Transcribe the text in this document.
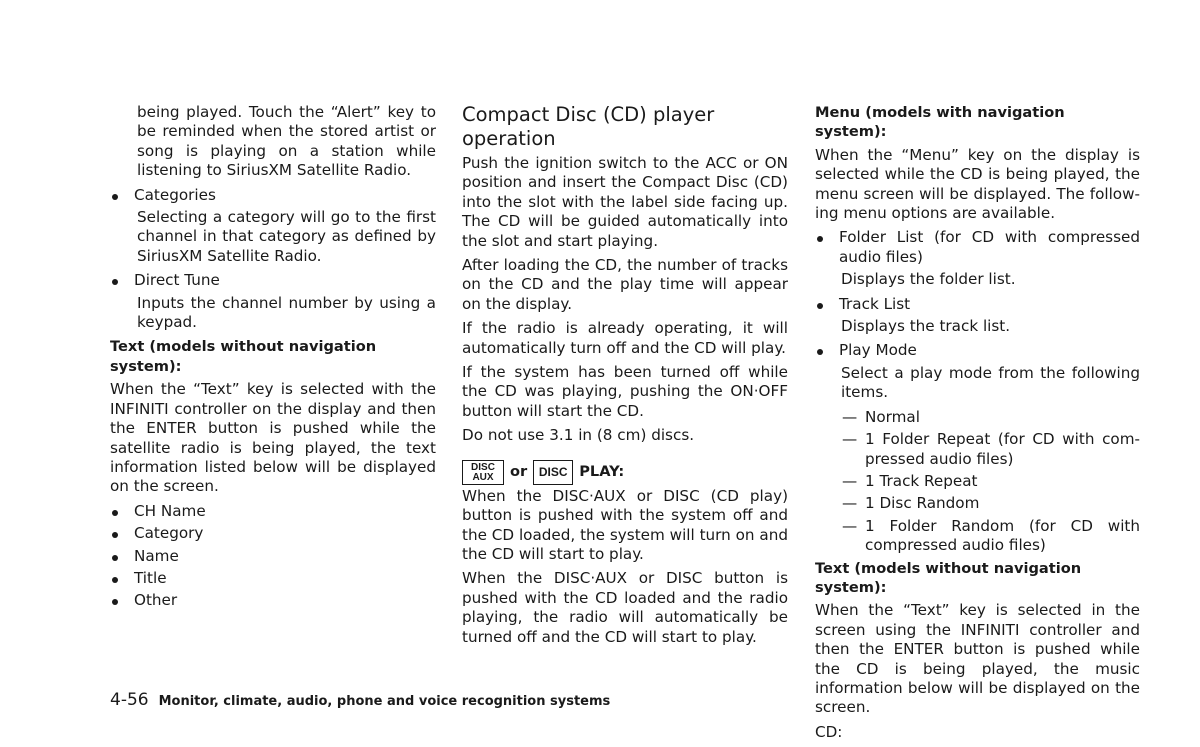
being played. Touch the “Alert” key to be reminded when the stored artist or song is playing on a station while listening to SiriusXM Satellite Radio.

Categories

Selecting a category will go to the first channel in that category as defined by SiriusXM Satellite Radio.

Direct Tune

Inputs the channel number by using a keypad.

Text (models without navigation system):

When the “Text” key is selected with the INFINITI controller on the display and then the ENTER button is pushed while the satellite radio is being played, the text information listed below will be displayed on the screen.

CH Name
Category
Name
Title
Other
Compact Disc (CD) player operation

Push the ignition switch to the ACC or ON position and insert the Compact Disc (CD) into the slot with the label side facing up. The CD will be guided automatically into the slot and start playing.

After loading the CD, the number of tracks on the CD and the play time will appear on the display.

If the radio is already operating, it will automatically turn off and the CD will play.

If the system has been turned off while the CD was playing, pushing the ON·OFF button will start the CD.

Do not use 3.1 in (8 cm) discs.

DISC
AUX	or DISC PLAY:

When the DISC·AUX or DISC (CD play) button is pushed with the system off and the CD loaded, the system will turn on and the CD will start to play.

When the DISC·AUX or DISC button is pushed with the CD loaded and the radio playing, the radio will automatically be turned off and the CD will start to play.

Menu (models with navigation system):

When the “Menu” key on the display is selected while the CD is being played, the menu screen will be displayed. The follow-ing menu options are available.

Folder List (for CD with compressed audio files)

Displays the folder list.

Track List

Displays the track list.

Play Mode

Select a play mode from the following items.

— Normal
— 1 Folder Repeat (for CD with com-pressed audio files)
— 1 Track Repeat
— 1 Disc Random
— 1 Folder Random (for CD with compressed audio files)
Text (models without navigation system):

When the “Text” key is selected in the screen using the INFINITI controller and then the ENTER button is pushed while the CD is being played, the music information below will be displayed on the screen.

CD:

4-56 Monitor, climate, audio, phone and voice recognition systems
